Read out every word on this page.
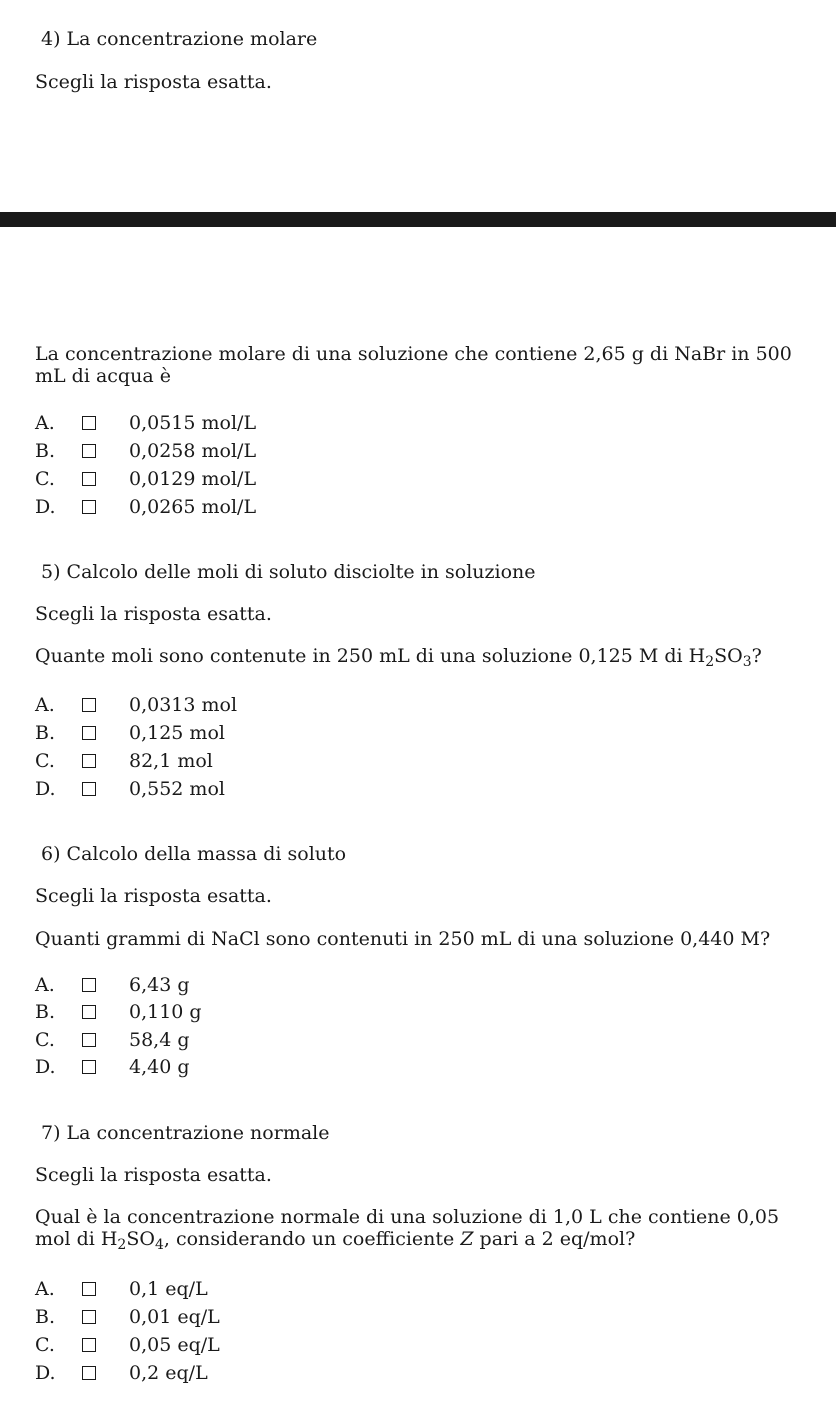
4) La concentrazione molare
Scegli la risposta esatta.
La concentrazione molare di una soluzione che contiene 2,65 g di NaBr in 500 mL di acqua è
A.	0,0515 mol/L
B.	0,0258 mol/L
C.	0,0129 mol/L
D.	0,0265 mol/L
5) Calcolo delle moli di soluto disciolte in soluzione
Scegli la risposta esatta.
Quante moli sono contenute in 250 mL di una soluzione 0,125 M di $H_2SO_3$?
A.	0,0313 mol
B.	0,125 mol
C.	82,1 mol
D.	0,552 mol
6) Calcolo della massa di soluto
Scegli la risposta esatta.
Quanti grammi di NaCl sono contenuti in 250 mL di una soluzione 0,440 M?
A.	6,43 g
B.	0,110 g
C.	58,4 g
D.	4,40 g
7) La concentrazione normale
Scegli la risposta esatta.
Qual è la concentrazione normale di una soluzione di 1,0 L che contiene 0,05
mol di $H_2SO_4$, considerando un coefficiente Z pari a 2 eq/mol?
A.	0,1 eq/L
B.	0,01 eq/L
C.	0,05 eq/L
D.	0,2 eq/L
